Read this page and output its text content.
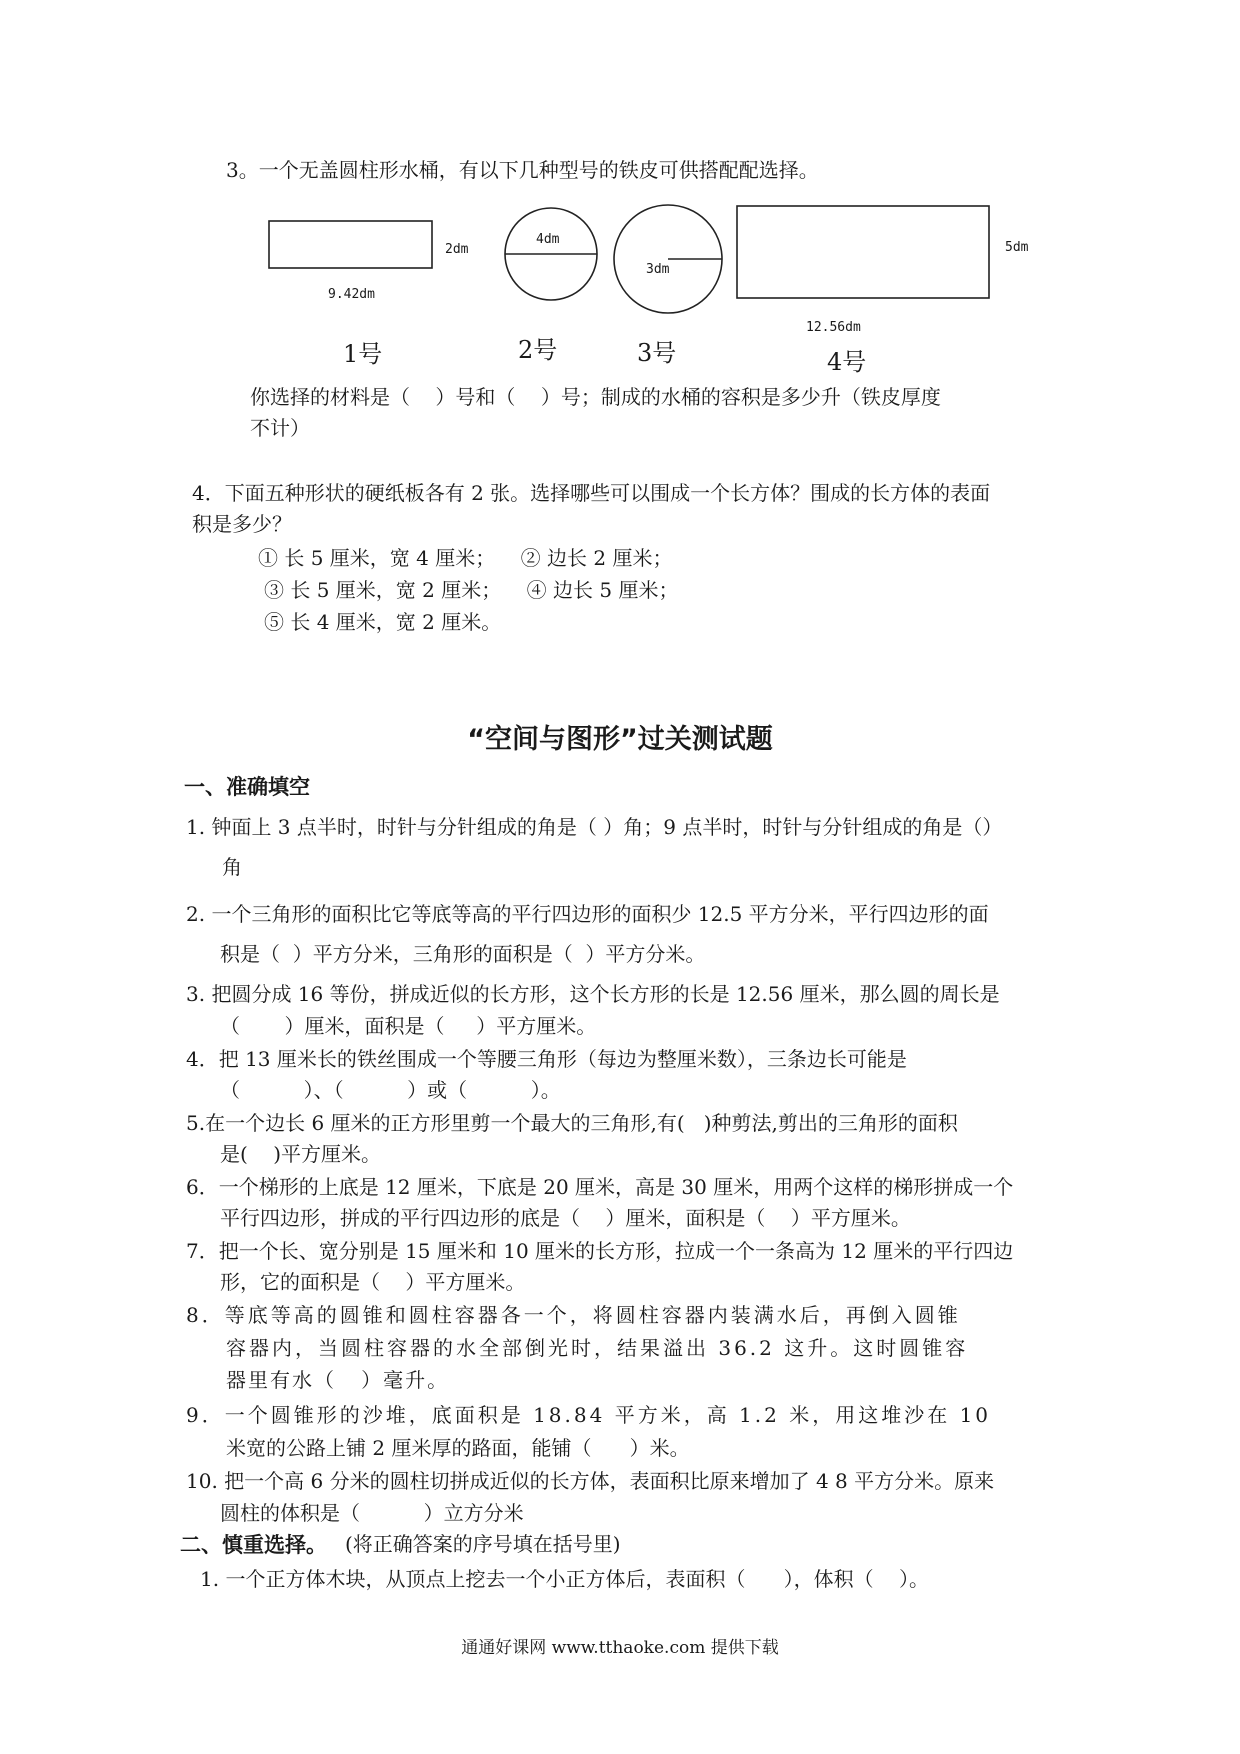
3。一个无盖圆柱形水桶，有以下几种型号的铁皮可供搭配配选择。
2dm
9.42dm
1号
4dm
2号
3dm
3号
5dm
12.56dm
4号
你选择的材料是（    ）号和（    ）号；制成的水桶的容积是多少升（铁皮厚度
不计）
4．下面五种形状的硬纸板各有 2 张。选择哪些可以围成一个长方体？围成的长方体的表面
积是多少？
① 长 5 厘米，宽 4 厘米；    ② 边长 2 厘米；
③ 长 5 厘米，宽 2 厘米；    ④ 边长 5 厘米；
⑤ 长 4 厘米，宽 2 厘米。
“空间与图形”过关测试题
一、准确填空
1. 钟面上 3 点半时，时针与分针组成的角是（ ）角；9 点半时，时针与分针组成的角是（）
角
2. 一个三角形的面积比它等底等高的平行四边形的面积少 12.5 平方分米，平行四边形的面
积是（  ）平方分米，三角形的面积是（  ）平方分米。
3. 把圆分成 16 等份，拼成近似的长方形，这个长方形的长是 12.56 厘米，那么圆的周长是
（       ）厘米，面积是（     ）平方厘米。
4．把 13 厘米长的铁丝围成一个等腰三角形（每边为整厘米数），三条边长可能是
（          ）、（          ）或（          ）。
5.在一个边长 6 厘米的正方形里剪一个最大的三角形,有(   )种剪法,剪出的三角形的面积
是(    )平方厘米。
6．一个梯形的上底是 12 厘米，下底是 20 厘米，高是 30 厘米，用两个这样的梯形拼成一个
平行四边形，拼成的平行四边形的底是（    ）厘米，面积是（    ）平方厘米。
7．把一个长、宽分别是 15 厘米和 10 厘米的长方形，拉成一个一条高为 12 厘米的平行四边
形，它的面积是（    ）平方厘米。
8．等底等高的圆锥和圆柱容器各一个，将圆柱容器内装满水后，再倒入圆锥
容器内，当圆柱容器的水全部倒光时，结果溢出 36.2 这升。这时圆锥容
器里有水（   ）毫升。
9．一个圆锥形的沙堆，底面积是 18.84 平方米，高 1.2 米，用这堆沙在 10
米宽的公路上铺 2 厘米厚的路面，能铺（      ）米。
10. 把一个高 6 分米的圆柱切拼成近似的长方体，表面积比原来增加了 4 8 平方分米。原来
圆柱的体积是（          ）立方分米
二、慎重选择。 (将正确答案的序号填在括号里)
1. 一个正方体木块，从顶点上挖去一个小正方体后，表面积（      ），体积（    ）。
通通好课网 www.tthaoke.com 提供下载
